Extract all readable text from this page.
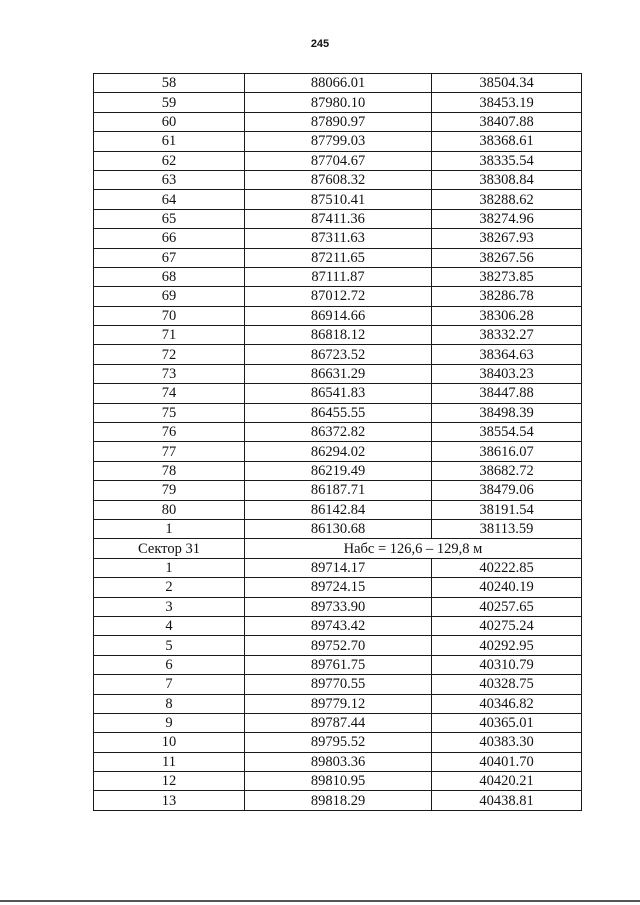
245
58	88066.01	38504.34
59	87980.10	38453.19
60	87890.97	38407.88
61	87799.03	38368.61
62	87704.67	38335.54
63	87608.32	38308.84
64	87510.41	38288.62
65	87411.36	38274.96
66	87311.63	38267.93
67	87211.65	38267.56
68	87111.87	38273.85
69	87012.72	38286.78
70	86914.66	38306.28
71	86818.12	38332.27
72	86723.52	38364.63
73	86631.29	38403.23
74	86541.83	38447.88
75	86455.55	38498.39
76	86372.82	38554.54
77	86294.02	38616.07
78	86219.49	38682.72
79	86187.71	38479.06
80	86142.84	38191.54
1	86130.68	38113.59
Сектор 31	Набс = 126,6 – 129,8 м	
1	89714.17	40222.85
2	89724.15	40240.19
3	89733.90	40257.65
4	89743.42	40275.24
5	89752.70	40292.95
6	89761.75	40310.79
7	89770.55	40328.75
8	89779.12	40346.82
9	89787.44	40365.01
10	89795.52	40383.30
11	89803.36	40401.70
12	89810.95	40420.21
13	89818.29	40438.81
